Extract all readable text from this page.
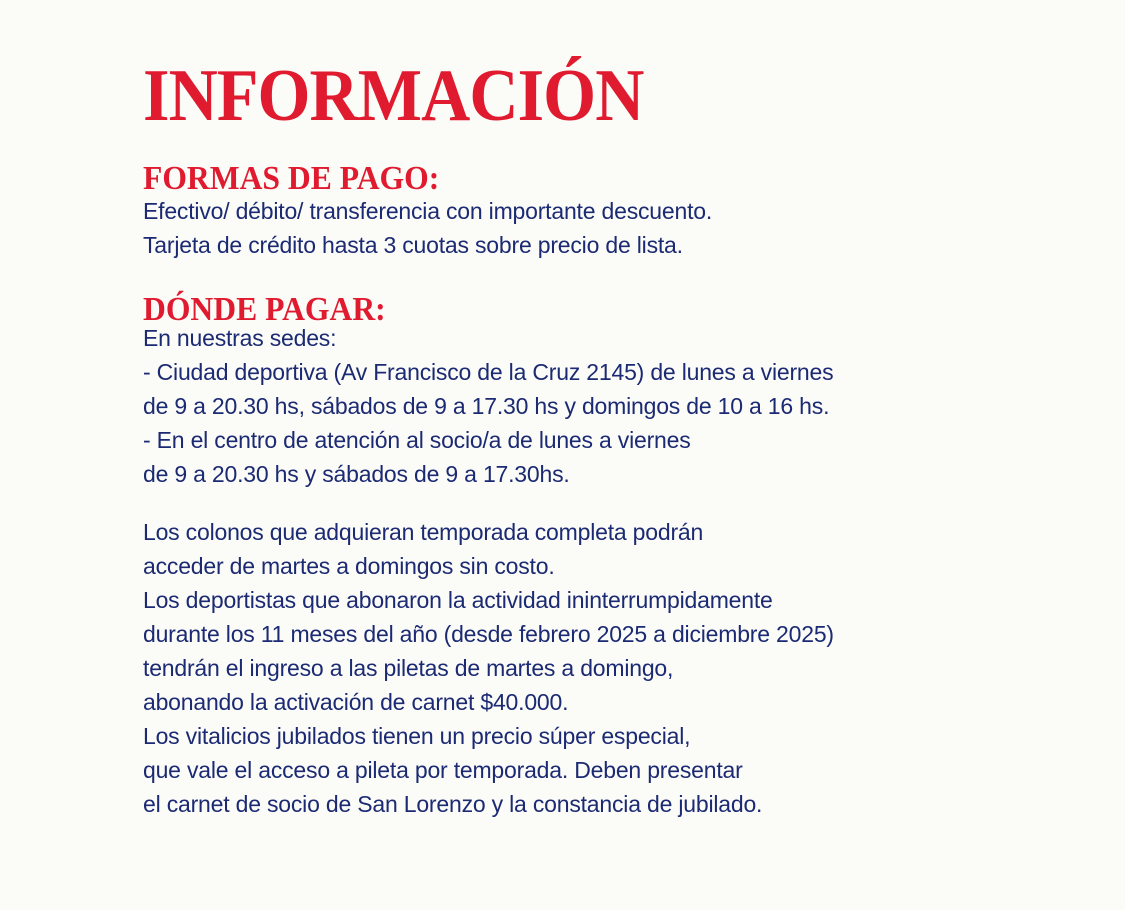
INFORMACIÓN
FORMAS DE PAGO:
Efectivo/ débito/ transferencia con importante descuento.
Tarjeta de crédito hasta 3 cuotas sobre precio de lista.
DÓNDE PAGAR:
En nuestras sedes:
- Ciudad deportiva (Av Francisco de la Cruz 2145) de lunes a viernes
de 9 a 20.30 hs, sábados de 9 a 17.30 hs y domingos de 10 a 16 hs.
- En el centro de atención al socio/a de lunes a viernes
de 9 a 20.30 hs y sábados de 9 a 17.30hs.
Los colonos que adquieran temporada completa podrán
acceder de martes a domingos sin costo.
Los deportistas que abonaron la actividad ininterrumpidamente
durante los 11 meses del año (desde febrero 2025 a diciembre 2025)
tendrán el ingreso a las piletas de martes a domingo,
abonando la activación de carnet $40.000.
Los vitalicios jubilados tienen un precio súper especial,
que vale el acceso a pileta por temporada. Deben presentar
el carnet de socio de San Lorenzo y la constancia de jubilado.
